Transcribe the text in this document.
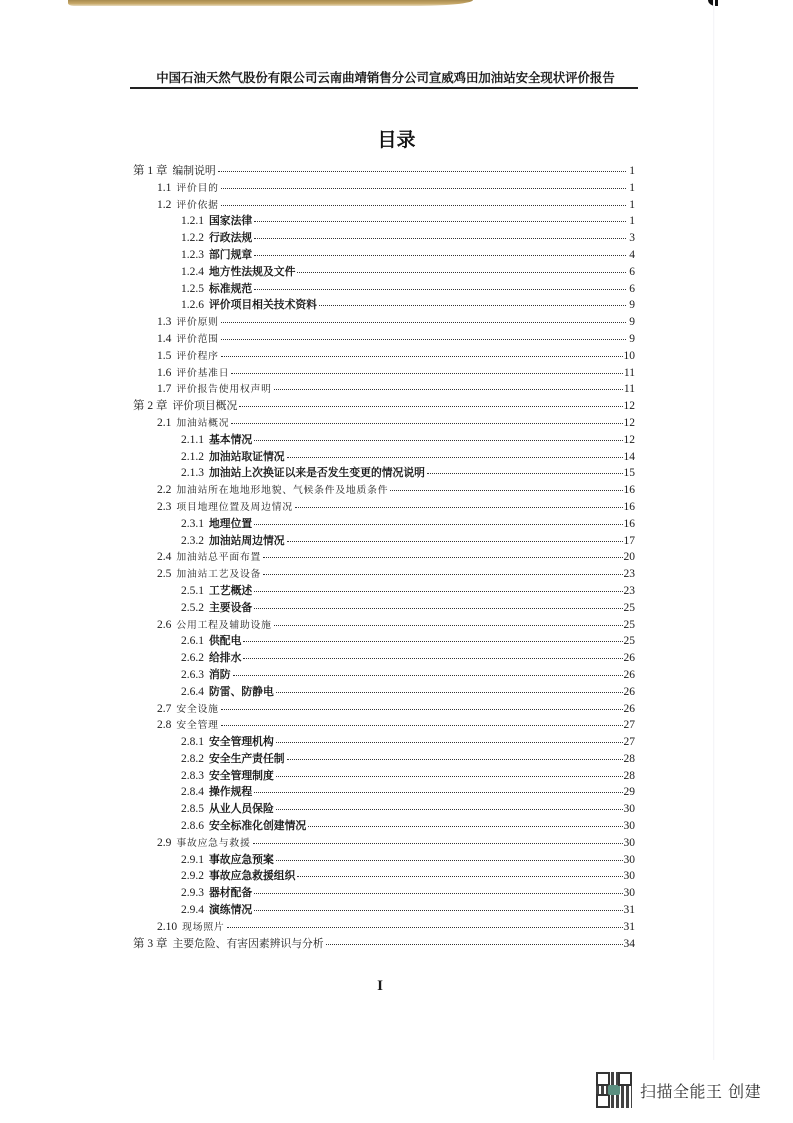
中国石油天然气股份有限公司云南曲靖销售分公司宣威鸡田加油站安全现状评价报告
目录
第 1 章 编制说明	1
1.1 评价目的	1
1.2 评价依据	1
1.2.1 国家法律	1
1.2.2 行政法规	3
1.2.3 部门规章	4
1.2.4 地方性法规及文件	6
1.2.5 标准规范	6
1.2.6 评价项目相关技术资料	9
1.3 评价原则	9
1.4 评价范围	9
1.5 评价程序	10
1.6 评价基准日	11
1.7 评价报告使用权声明	11
第 2 章 评价项目概况	12
2.1 加油站概况	12
2.1.1 基本情况	12
2.1.2 加油站取证情况	14
2.1.3 加油站上次换证以来是否发生变更的情况说明	15
2.2 加油站所在地地形地貌、气候条件及地质条件	16
2.3 项目地理位置及周边情况	16
2.3.1 地理位置	16
2.3.2 加油站周边情况	17
2.4 加油站总平面布置	20
2.5 加油站工艺及设备	23
2.5.1 工艺概述	23
2.5.2 主要设备	25
2.6 公用工程及辅助设施	25
2.6.1 供配电	25
2.6.2 给排水	26
2.6.3 消防	26
2.6.4 防雷、防静电	26
2.7 安全设施	26
2.8 安全管理	27
2.8.1 安全管理机构	27
2.8.2 安全生产责任制	28
2.8.3 安全管理制度	28
2.8.4 操作规程	29
2.8.5 从业人员保险	30
2.8.6 安全标准化创建情况	30
2.9 事故应急与救援	30
2.9.1 事故应急预案	30
2.9.2 事故应急救援组织	30
2.9.3 器材配备	30
2.9.4 演练情况	31
2.10 现场照片	31
第 3 章 主要危险、有害因素辨识与分析	34
I
扫描全能王 创建
